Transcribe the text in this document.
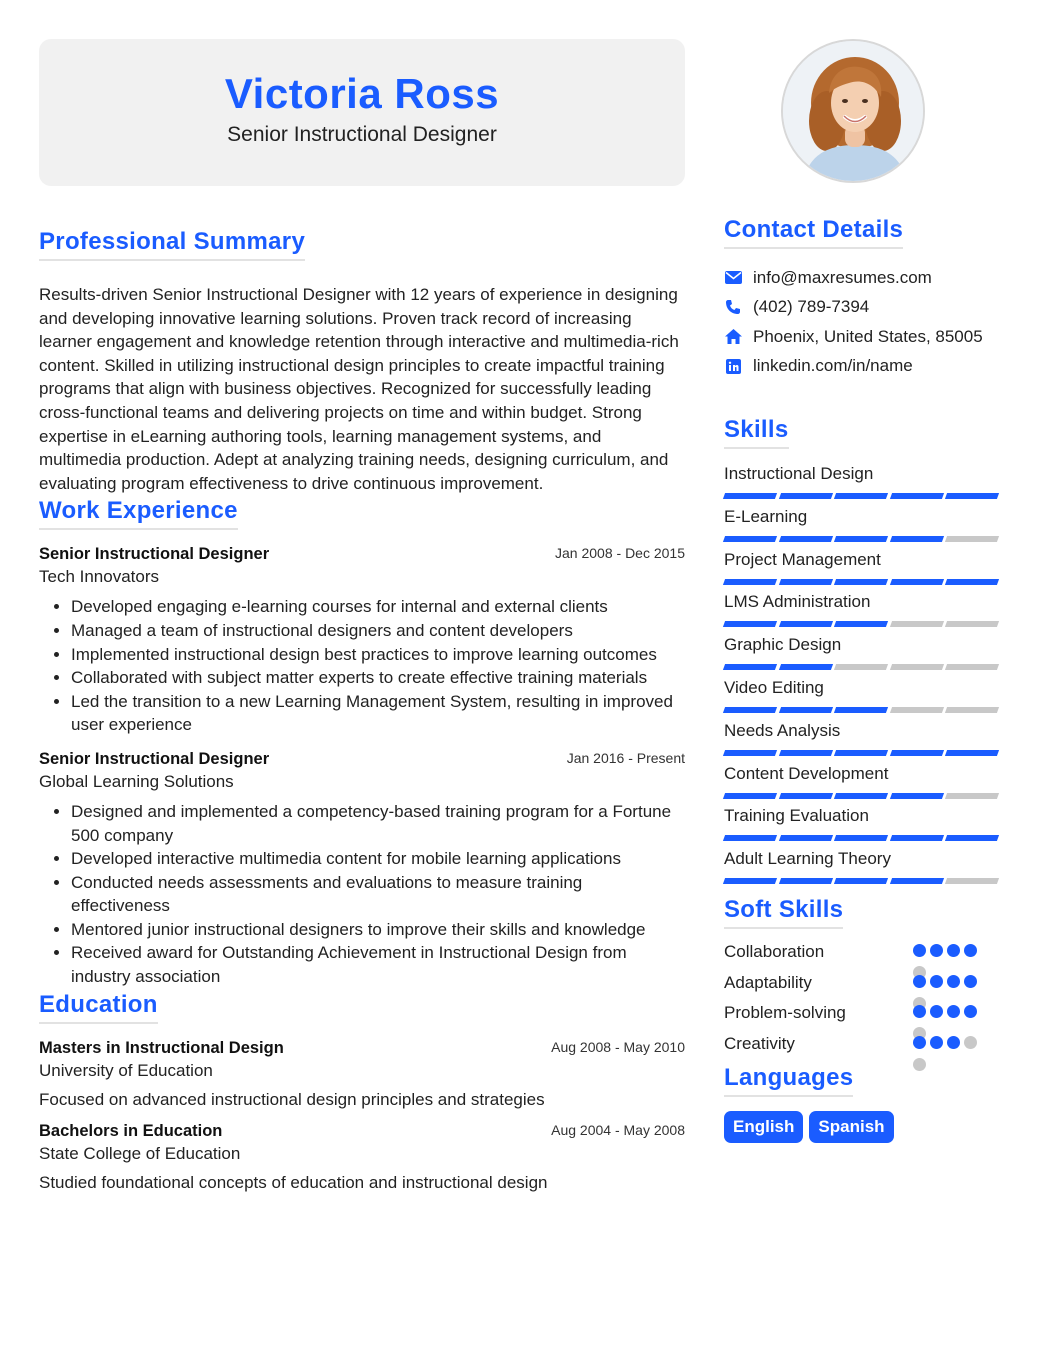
Victoria Ross
Senior Instructional Designer
Professional Summary
Results-driven Senior Instructional Designer with 12 years of experience in designing and developing innovative learning solutions. Proven track record of increasing learner engagement and knowledge retention through interactive and multimedia-rich content. Skilled in utilizing instructional design principles to create impactful training programs that align with business objectives. Recognized for successfully leading cross-functional teams and delivering projects on time and within budget. Strong expertise in eLearning authoring tools, learning management systems, and multimedia production. Adept at analyzing training needs, designing curriculum, and evaluating program effectiveness to drive continuous improvement.
Work Experience
Senior Instructional Designer	Jan 2008 - Dec 2015
Tech Innovators
• Developed engaging e-learning courses for internal and external clients
• Managed a team of instructional designers and content developers
• Implemented instructional design best practices to improve learning outcomes
• Collaborated with subject matter experts to create effective training materials
• Led the transition to a new Learning Management System, resulting in improved user experience
Senior Instructional Designer	Jan 2016 - Present
Global Learning Solutions
• Designed and implemented a competency-based training program for a Fortune 500 company
• Developed interactive multimedia content for mobile learning applications
• Conducted needs assessments and evaluations to measure training effectiveness
• Mentored junior instructional designers to improve their skills and knowledge
• Received award for Outstanding Achievement in Instructional Design from industry association
Education
Masters in Instructional Design	Aug 2008 - May 2010
University of Education
Focused on advanced instructional design principles and strategies
Bachelors in Education	Aug 2004 - May 2008
State College of Education
Studied foundational concepts of education and instructional design
Contact Details
info@maxresumes.com
(402) 789-7394
Phoenix, United States, 85005
linkedin.com/in/name
Skills
Instructional Design
E-Learning
Project Management
LMS Administration
Graphic Design
Video Editing
Needs Analysis
Content Development
Training Evaluation
Adult Learning Theory
Soft Skills
Collaboration
Adaptability
Problem-solving
Creativity
Languages
English	Spanish
